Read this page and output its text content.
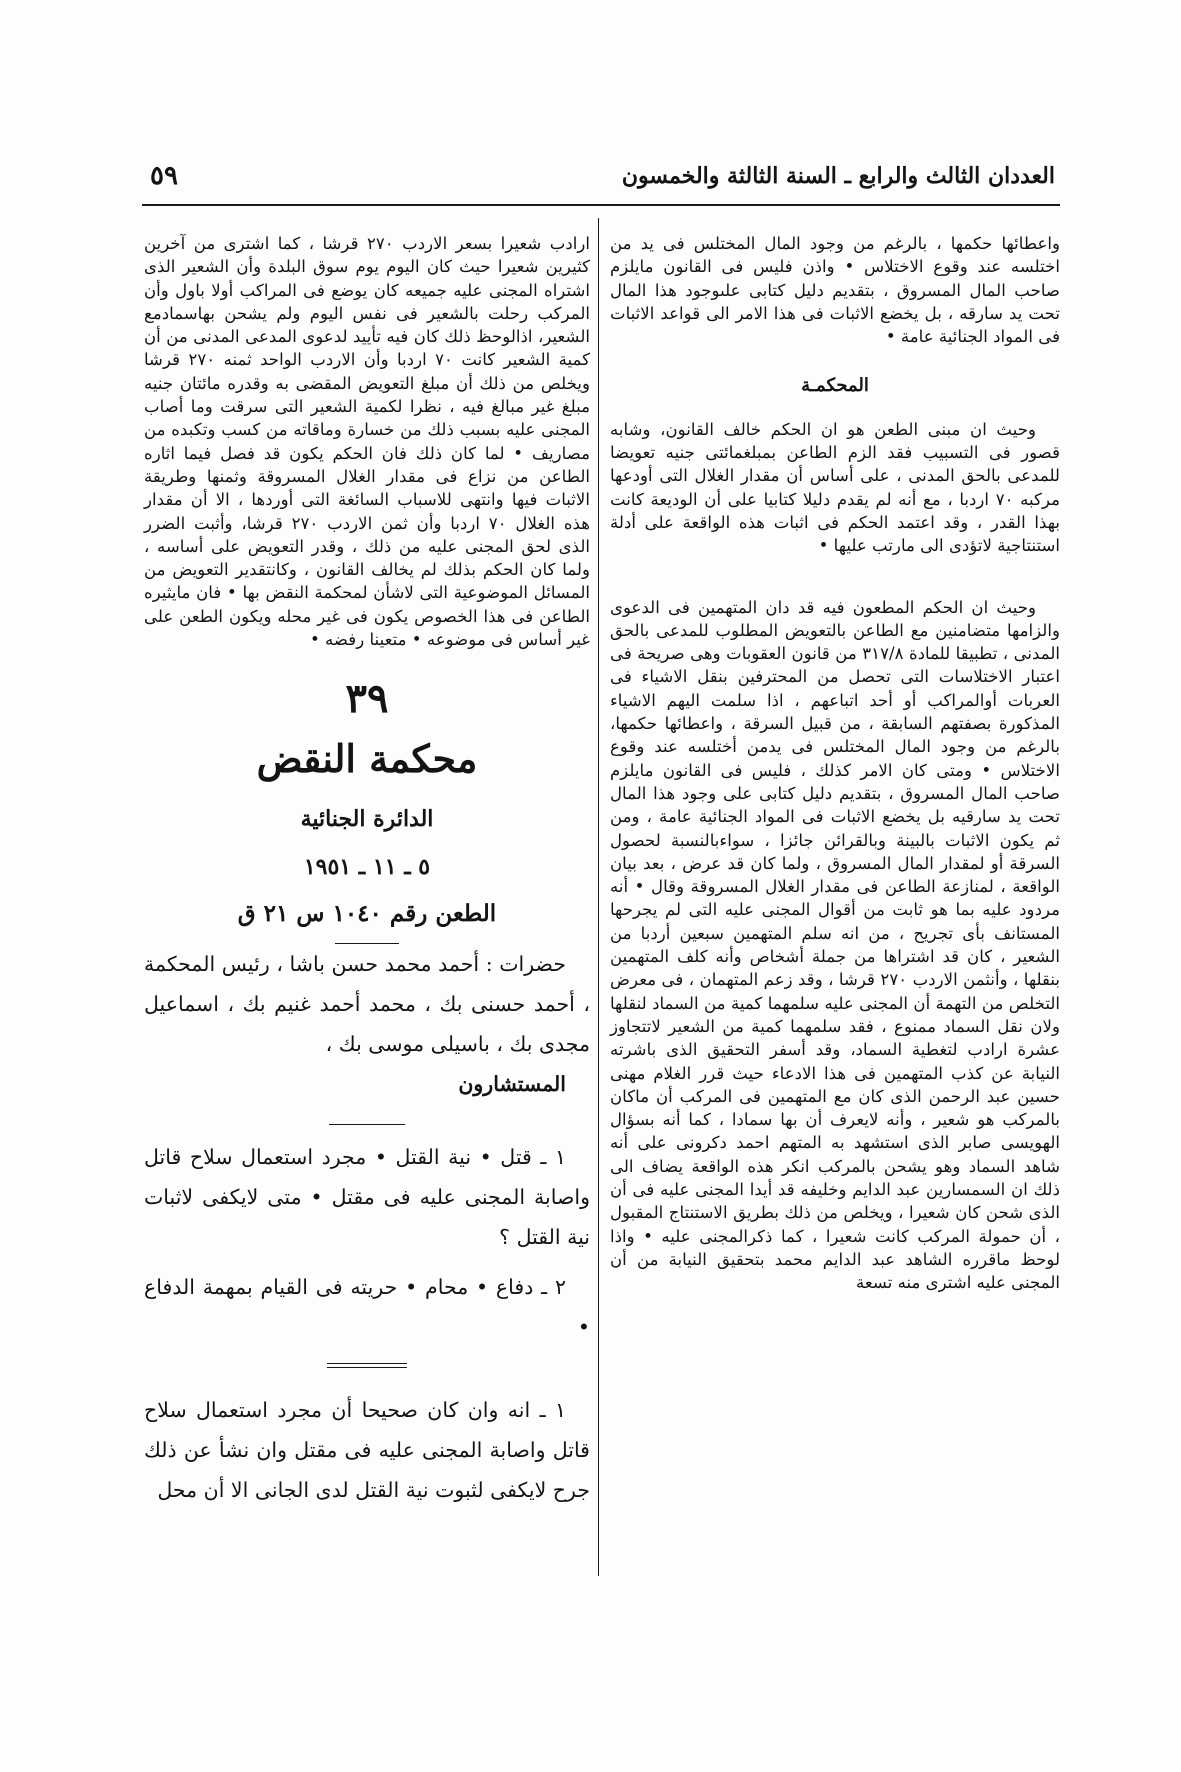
العددان الثالث والرابع ـ السنة الثالثة والخمسون
٥٩

واعطائها حكمها ، بالرغم من وجود المال المختلس فى يد من اختلسه عند وقوع الاختلاس • واذن فليس فى القانون مايلزم صاحب المال المسروق ، بتقديم دليل كتابى علىوجود هذا المال تحت يد سارقه ، بل يخضع الاثبات فى هذا الامر الى قواعد الاثبات فى المواد الجنائية عامة •

المحكمـة

وحيث ان مبنى الطعن هو ان الحكم خالف القانون، وشابه قصور فى التسبيب فقد الزم الطاعن بمبلغمائتى جنيه تعويضا للمدعى بالحق المدنى ، على أساس أن مقدار الغلال التى أودعها مركبه ٧٠ اردبا ، مع أنه لم يقدم دليلا كتابيا على أن الوديعة كانت بهذا القدر ، وقد اعتمد الحكم فى اثبات هذه الواقعة على أدلة استنتاجية لاتؤدى الى مارتب عليها •

وحيث ان الحكم المطعون فيه قد دان المتهمين فى الدعوى والزامها متضامنين مع الطاعن بالتعويض المطلوب للمدعى بالحق المدنى ، تطبيقا للمادة ٣١٧/٨ من قانون العقوبات وهى صريحة فى اعتبار الاختلاسات التى تحصل من المحترفين بنقل الاشياء فى العربات أوالمراكب أو أحد اتباعهم ، اذا سلمت اليهم الاشياء المذكورة بصفتهم السابقة ، من قبيل السرقة ، واعطائها حكمها، بالرغم من وجود المال المختلس فى يدمن أختلسه عند وقوع الاختلاس • ومتى كان الامر كذلك ، فليس فى القانون مايلزم صاحب المال المسروق ، بتقديم دليل كتابى على وجود هذا المال تحت يد سارقيه بل يخضع الاثبات فى المواد الجنائية عامة ، ومن ثم يكون الاثبات بالبينة وبالقرائن جائزا ، سواءبالنسبة لحصول السرقة أو لمقدار المال المسروق ، ولما كان قد عرض ، بعد بيان الواقعة ، لمنازعة الطاعن فى مقدار الغلال المسروقة وقال • أنه مردود عليه بما هو ثابت من أقوال المجنى عليه التى لم يجرحها المستانف بأى تجريح ، من انه سلم المتهمين سبعين أردبا من الشعير ، كان قد اشتراها من جملة أشخاص وأنه كلف المتهمين بنقلها ، وأنثمن الاردب ٢٧٠ قرشا ، وقد زعم المتهمان ، فى معرض التخلص من التهمة أن المجنى عليه سلمهما كمية من السماد لنقلها ولان نقل السماد ممنوع ، فقد سلمهما كمية من الشعير لاتتجاوز عشرة ارادب لتغطية السماد، وقد أسفر التحقيق الذى باشرته النيابة عن كذب المتهمين فى هذا الادعاء حيث قرر الغلام مهنى حسين عبد الرحمن الذى كان مع المتهمين فى المركب أن ماكان بالمركب هو شعير ، وأنه لايعرف أن بها سمادا ، كما أنه بسؤال الهويسى صابر الذى استشهد به المتهم احمد دكرونى على أنه شاهد السماد وهو يشحن بالمركب انكر هذه الواقعة يضاف الى ذلك ان السمسارين عبد الدايم وخليفه قد أيدا المجنى عليه فى أن الذى شحن كان شعيرا ، ويخلص من ذلك بطريق الاستنتاج المقبول ، أن حمولة المركب كانت شعيرا ، كما ذكرالمجنى عليه • واذا لوحظ ماقرره الشاهد عبد الدايم محمد بتحقيق النيابة من أن المجنى عليه اشترى منه تسعة

ارادب شعيرا بسعر الاردب ٢٧٠ قرشا ، كما اشترى من آخرين كثيرين شعيرا حيث كان اليوم يوم سوق البلدة وأن الشعير الذى اشتراه المجنى عليه جميعه كان يوضع فى المراكب أولا باول وأن المركب رحلت بالشعير فى نفس اليوم ولم يشحن بهاسمادمع الشعير، اذالوحظ ذلك كان فيه تأييد لدعوى المدعى المدنى من أن كمية الشعير كانت ٧٠ اردبا وأن الاردب الواحد ثمنه ٢٧٠ قرشا ويخلص من ذلك أن مبلغ التعويض المقضى به وقدره مائتان جنيه مبلغ غير مبالغ فيه ، نظرا لكمية الشعير التى سرقت وما أصاب المجنى عليه بسبب ذلك من خسارة وماقاته من كسب وتكبده من مصاريف • لما كان ذلك فان الحكم يكون قد فصل فيما اثاره الطاعن من نزاع فى مقدار الغلال المسروقة وثمنها وطريقة الاثبات فيها وانتهى للاسباب السائغة التى أوردها ، الا أن مقدار هذه الغلال ٧٠ اردبا وأن ثمن الاردب ٢٧٠ قرشا، وأثبت الضرر الذى لحق المجنى عليه من ذلك ، وقدر التعويض على أساسه ، ولما كان الحكم بذلك لم يخالف القانون ، وكانتقدير التعويض من المسائل الموضوعية التى لاشأن لمحكمة النقض بها • فان مايثيره الطاعن فى هذا الخصوص يكون فى غير محله ويكون الطعن على غير أساس فى موضوعه • متعينا رفضه •

٣٩
محكمة النقض
الدائرة الجنائية
٥ ـ ١١ ـ ١٩٥١
الطعن رقم ١٠٤٠ س ٢١ ق

حضرات : أحمد محمد حسن باشا ، رئيس المحكمة ، أحمد حسنى بك ، محمد أحمد غنيم بك ، اسماعيل مجدى بك ، باسيلى موسى بك ،

المستشارون

١ ـ قتل • نية القتل • مجرد استعمال سلاح قاتل واصابة المجنى عليه فى مقتل • متى لايكفى لاثبات نية القتل ؟

٢ ـ دفاع • محام • حريته فى القيام بمهمة الدفاع •

١ ـ انه وان كان صحيحا أن مجرد استعمال سلاح قاتل واصابة المجنى عليه فى مقتل وان نشأ عن ذلك جرح لايكفى لثبوت نية القتل لدى الجانى الا أن محل
